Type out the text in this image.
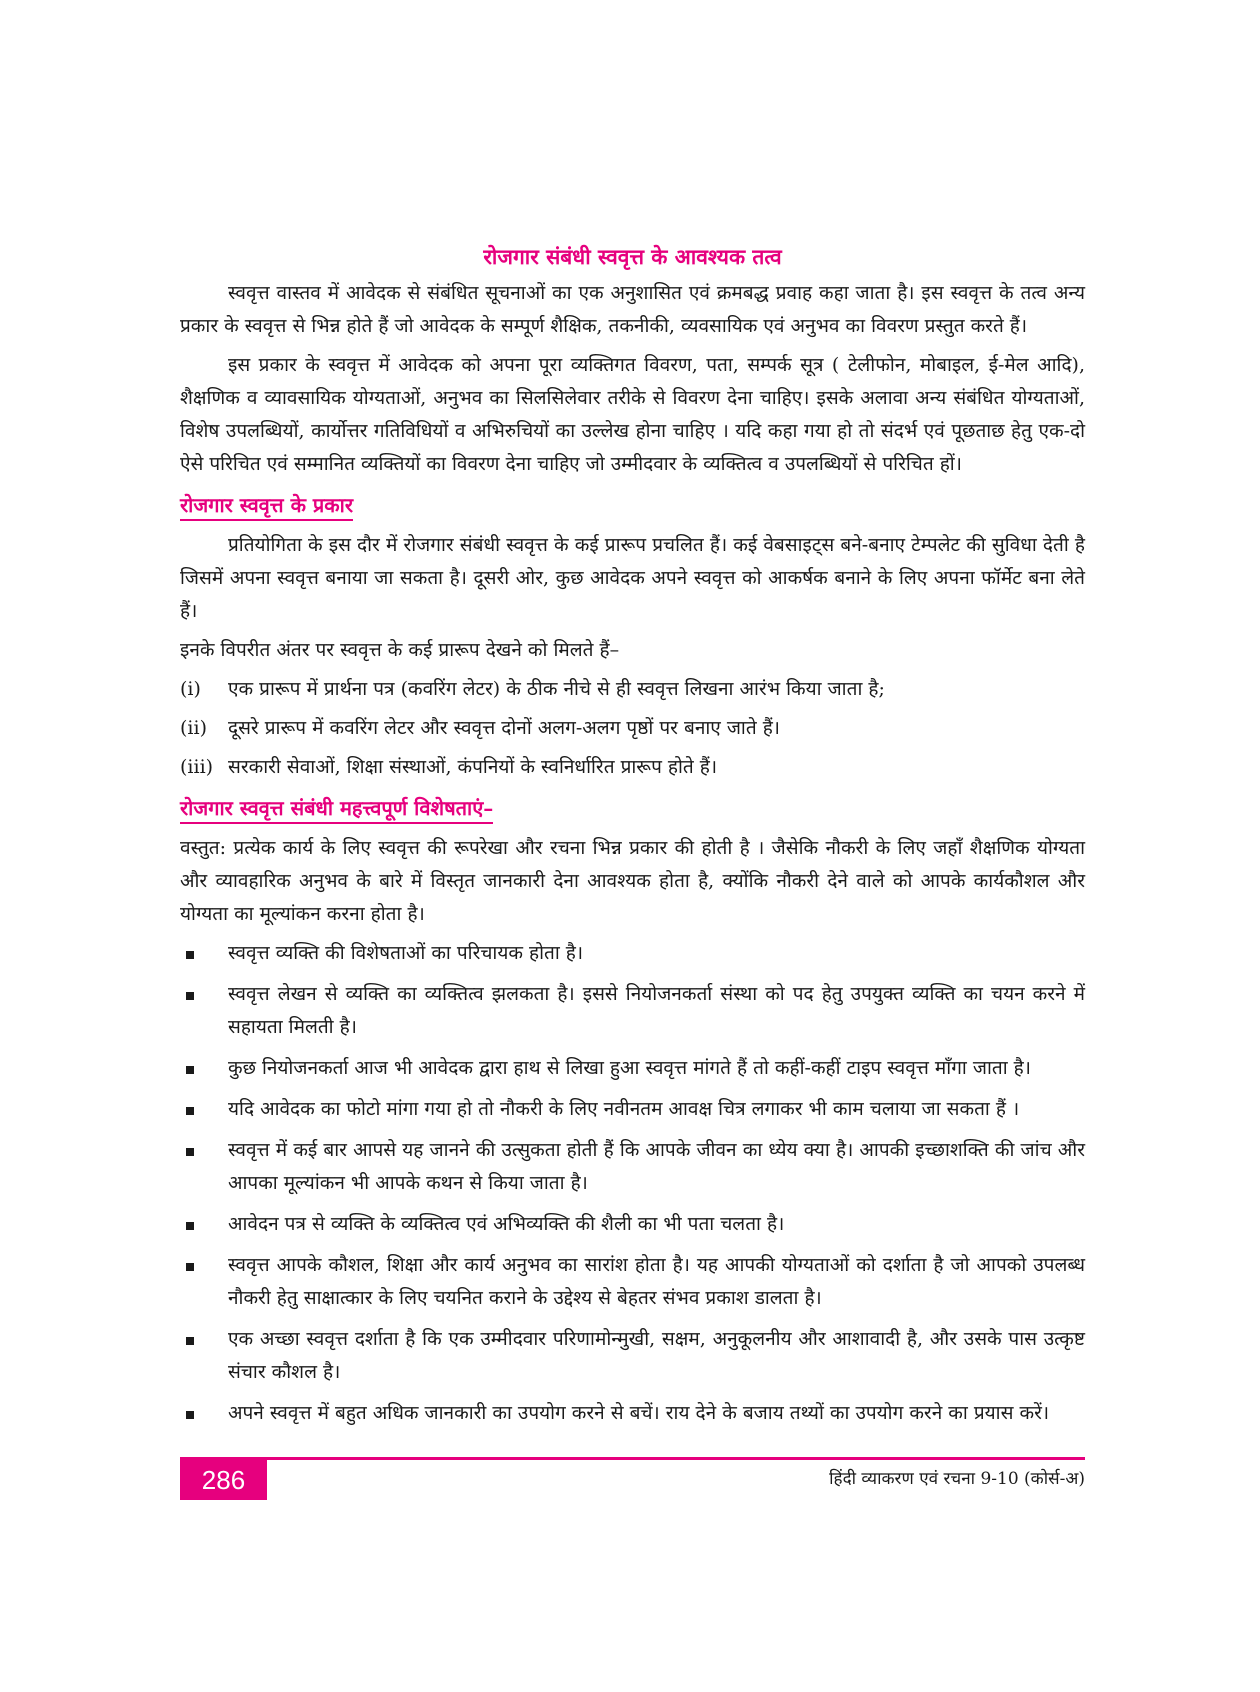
रोजगार संबंधी स्ववृत्त के आवश्यक तत्व

स्ववृत्त वास्तव में आवेदक से संबंधित सूचनाओं का एक अनुशासित एवं क्रमबद्ध प्रवाह कहा जाता है। इस स्ववृत्त के तत्व अन्य प्रकार के स्ववृत्त से भिन्न होते हैं जो आवेदक के सम्पूर्ण शैक्षिक, तकनीकी, व्यवसायिक एवं अनुभव का विवरण प्रस्तुत करते हैं।

इस प्रकार के स्ववृत्त में आवेदक को अपना पूरा व्यक्तिगत विवरण, पता, सम्पर्क सूत्र ( टेलीफोन, मोबाइल, ई-मेल आदि), शैक्षणिक व व्यावसायिक योग्यताओं, अनुभव का सिलसिलेवार तरीके से विवरण देना चाहिए। इसके अलावा अन्य संबंधित योग्यताओं, विशेष उपलब्धियों, कार्योत्तर गतिविधियों व अभिरुचियों का उल्लेख होना चाहिए । यदि कहा गया हो तो संदर्भ एवं पूछताछ हेतु एक-दो ऐसे परिचित एवं सम्मानित व्यक्तियों का विवरण देना चाहिए जो उम्मीदवार के व्यक्तित्व व उपलब्धियों से परिचित हों।

रोजगार स्ववृत्त के प्रकार

प्रतियोगिता के इस दौर में रोजगार संबंधी स्ववृत्त के कई प्रारूप प्रचलित हैं। कई वेबसाइट्स बने-बनाए टेम्पलेट की सुविधा देती है जिसमें अपना स्ववृत्त बनाया जा सकता है। दूसरी ओर, कुछ आवेदक अपने स्ववृत्त को आकर्षक बनाने के लिए अपना फॉर्मेट बना लेते हैं।

इनके विपरीत अंतर पर स्ववृत्त के कई प्रारूप देखने को मिलते हैं–

(i)	एक प्रारूप में प्रार्थना पत्र (कवरिंग लेटर) के ठीक नीचे से ही स्ववृत्त लिखना आरंभ किया जाता है;
(ii)	दूसरे प्रारूप में कवरिंग लेटर और स्ववृत्त दोनों अलग-अलग पृष्ठों पर बनाए जाते हैं।
(iii) सरकारी सेवाओं, शिक्षा संस्थाओं, कंपनियों के स्वनिर्धारित प्रारूप होते हैं।
रोजगार स्ववृत्त संबंधी महत्त्वपूर्ण विशेषताएं–

वस्तुत: प्रत्येक कार्य के लिए स्ववृत्त की रूपरेखा और रचना भिन्न प्रकार की होती है । जैसेकि नौकरी के लिए जहाँ शैक्षणिक योग्यता और व्यावहारिक अनुभव के बारे में विस्तृत जानकारी देना आवश्यक होता है, क्योंकि नौकरी देने वाले को आपके कार्यकौशल और योग्यता का मूल्यांकन करना होता है।

स्ववृत्त व्यक्ति की विशेषताओं का परिचायक होता है।
स्ववृत्त लेखन से व्यक्ति का व्यक्तित्व झलकता है। इससे नियोजनकर्ता संस्था को पद हेतु उपयुक्त व्यक्ति का चयन करने में सहायता मिलती है।
कुछ नियोजनकर्ता आज भी आवेदक द्वारा हाथ से लिखा हुआ स्ववृत्त मांगते हैं तो कहीं-कहीं टाइप स्ववृत्त माँगा जाता है।
यदि आवेदक का फोटो मांगा गया हो तो नौकरी के लिए नवीनतम आवक्ष चित्र लगाकर भी काम चलाया जा सकता हैं ।
स्ववृत्त में कई बार आपसे यह जानने की उत्सुकता होती हैं कि आपके जीवन का ध्येय क्या है। आपकी इच्छाशक्ति की जांच और आपका मूल्यांकन भी आपके कथन से किया जाता है।
आवेदन पत्र से व्यक्ति के व्यक्तित्व एवं अभिव्यक्ति की शैली का भी पता चलता है।
स्ववृत्त आपके कौशल, शिक्षा और कार्य अनुभव का सारांश होता है। यह आपकी योग्यताओं को दर्शाता है जो आपको उपलब्ध नौकरी हेतु साक्षात्कार के लिए चयनित कराने के उद्देश्य से बेहतर संभव प्रकाश डालता है।
एक अच्छा स्ववृत्त दर्शाता है कि एक उम्मीदवार परिणामोन्मुखी, सक्षम, अनुकूलनीय और आशावादी है, और उसके पास उत्कृष्ट संचार कौशल है।
अपने स्ववृत्त में बहुत अधिक जानकारी का उपयोग करने से बचें। राय देने के बजाय तथ्यों का उपयोग करने का प्रयास करें।
286	हिंदी व्याकरण एवं रचना 9-10 (कोर्स-अ)
